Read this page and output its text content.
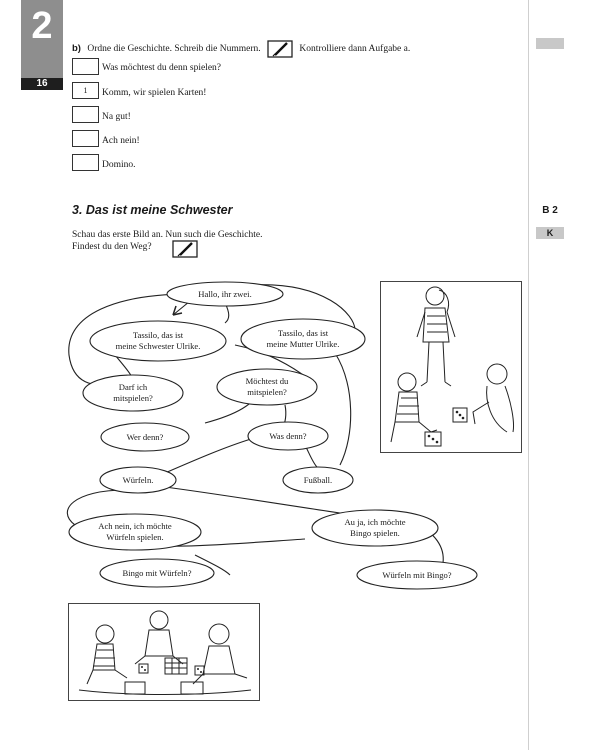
2
16
B 2
K
b) Ordne die Geschichte. Schreib die Nummern.	Kontrolliere dann Aufgabe a.
Was möchtest du denn spielen?
1	Komm, wir spielen Karten!
Na gut!
Ach nein!
Domino.
3. Das ist meine Schwester
Schau das erste Bild an. Nun such die Geschichte.
Findest du den Weg?
Hallo, ihr zwei.
Tassilo, das ist
meine Schwester Ulrike.
Tassilo, das ist
meine Mutter Ulrike.
Darf ich
mitspielen?
Möchtest du
mitspielen?
Wer denn?	Was denn?
Würfeln.	Fußball.
Ach nein, ich möchte
Würfeln spielen.
Au ja, ich möchte
Bingo spielen.
Bingo mit Würfeln?	Würfeln mit Bingo?
